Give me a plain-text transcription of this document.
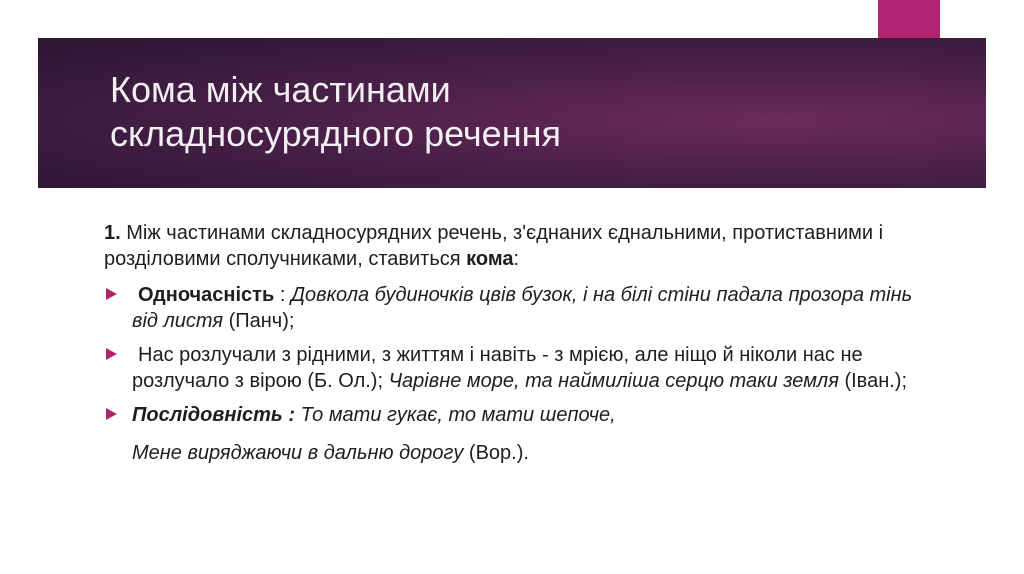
Кома між частинами
складносурядного речення

1. Між частинами складносурядних речень, з'єднаних єднальними, протиставними і розділовими сполучниками, ставиться кома:

Одночасність : Довкола будиночків цвів бузок, і на білі стіни падала прозора тінь від листя (Панч);
Нас розлучали з рідними, з життям і навіть - з мрією, але ніщо й ніколи нас не розлучало з вірою (Б. Ол.); Чарівне море, та наймиліша серцю таки земля (Іван.);
Послідовність : То мати гукає, то мати шепоче,
Мене виряджаючи в дальню дорогу (Вор.).
